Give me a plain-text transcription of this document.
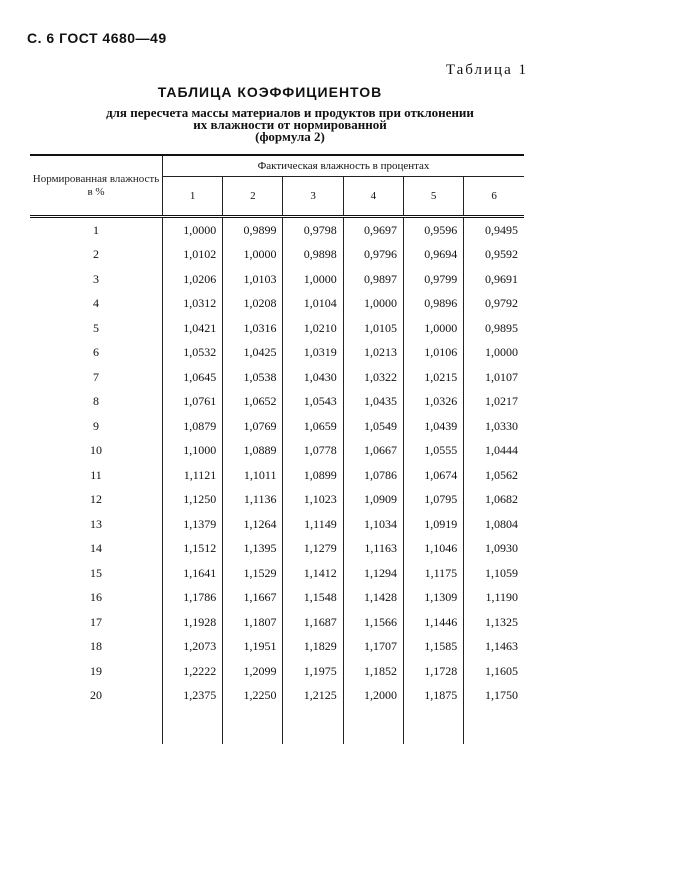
С. 6 ГОСТ 4680—49
Таблица 1
ТАБЛИЦА КОЭФФИЦИЕНТОВ
для пересчета массы материалов и продуктов при отклонении
их влажности от нормированной
(формула 2)
Нормированная влажность в %	Фактическая влажность в процентах					
	1	2	3	4	5	6

1	1,0000	0,9899	0,9798	0,9697	0,9596	0,9495
2	1,0102	1,0000	0,9898	0,9796	0,9694	0,9592
3	1,0206	1,0103	1,0000	0,9897	0,9799	0,9691
4	1,0312	1,0208	1,0104	1,0000	0,9896	0,9792
5	1,0421	1,0316	1,0210	1,0105	1,0000	0,9895
6	1,0532	1,0425	1,0319	1,0213	1,0106	1,0000
7	1,0645	1,0538	1,0430	1,0322	1,0215	1,0107
8	1,0761	1,0652	1,0543	1,0435	1,0326	1,0217
9	1,0879	1,0769	1,0659	1,0549	1,0439	1,0330
10	1,1000	1,0889	1,0778	1,0667	1,0555	1,0444
11	1,1121	1,1011	1,0899	1,0786	1,0674	1,0562
12	1,1250	1,1136	1,1023	1,0909	1,0795	1,0682
13	1,1379	1,1264	1,1149	1,1034	1,0919	1,0804
14	1,1512	1,1395	1,1279	1,1163	1,1046	1,0930
15	1,1641	1,1529	1,1412	1,1294	1,1175	1,1059
16	1,1786	1,1667	1,1548	1,1428	1,1309	1,1190
17	1,1928	1,1807	1,1687	1,1566	1,1446	1,1325
18	1,2073	1,1951	1,1829	1,1707	1,1585	1,1463
19	1,2222	1,2099	1,1975	1,1852	1,1728	1,1605
20	1,2375	1,2250	1,2125	1,2000	1,1875	1,1750
